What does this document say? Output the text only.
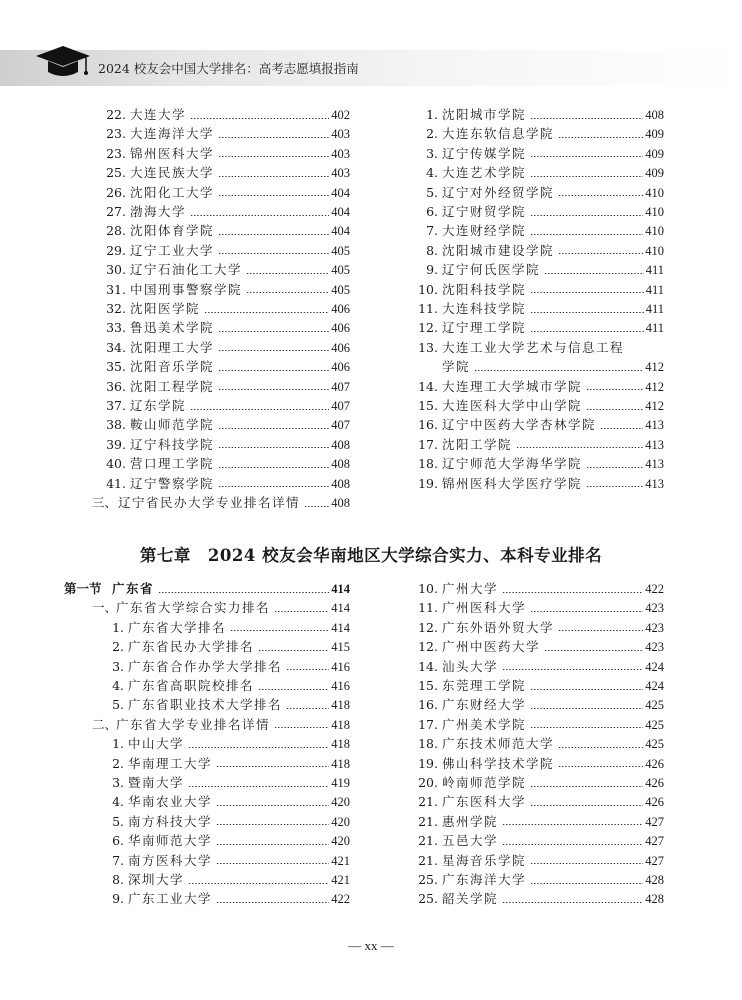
2024 校友会中国大学排名：高考志愿填报指南
22. 大连大学	402
23. 大连海洋大学	403
23. 锦州医科大学	403
25. 大连民族大学	403
26. 沈阳化工大学	404
27. 渤海大学	404
28. 沈阳体育学院	404
29. 辽宁工业大学	405
30. 辽宁石油化工大学	405
31. 中国刑事警察学院	405
32. 沈阳医学院	406
33. 鲁迅美术学院	406
34. 沈阳理工大学	406
35. 沈阳音乐学院	406
36. 沈阳工程学院	407
37. 辽东学院	407
38. 鞍山师范学院	407
39. 辽宁科技学院	408
40. 营口理工学院	408
41. 辽宁警察学院	408
三、 辽宁省民办大学专业排名详情 408
1. 沈阳城市学院	408
2. 大连东软信息学院	409
3. 辽宁传媒学院	409
4. 大连艺术学院	409
5. 辽宁对外经贸学院	410
6. 辽宁财贸学院	410
7. 大连财经学院	410
8. 沈阳城市建设学院	410
9. 辽宁何氏医学院	411
10. 沈阳科技学院	411
11. 大连科技学院	411
12. 辽宁理工学院	411
13. 大连工业大学艺术与信息工程
学院	412
14. 大连理工大学城市学院	412
15. 大连医科大学中山学院	412
16. 辽宁中医药大学杏林学院	413
17. 沈阳工学院	413
18. 辽宁师范大学海华学院	413
19. 锦州医科大学医疗学院	413
第七章　2024 校友会华南地区大学综合实力、本科专业排名
第一节 广东省	414
一、
广东省大学综合实力排名	414
1. 广东省大学排名	414
2. 广东省民办大学排名	415
3. 广东省合作办学大学排名	416
4. 广东省高职院校排名	416
5. 广东省职业技术大学排名	418
二、
广东省大学专业排名详情	418
1. 中山大学	418
2. 华南理工大学	418
3. 暨南大学	419
4. 华南农业大学	420
5. 南方科技大学	420
6. 华南师范大学	420
7. 南方医科大学	421
8. 深圳大学	421
9. 广东工业大学	422
10. 广州大学	422
11. 广州医科大学	423
12. 广东外语外贸大学	423
12. 广州中医药大学	423
14. 汕头大学	424
15. 东莞理工学院	424
16. 广东财经大学	425
17. 广州美术学院	425
18. 广东技术师范大学	425
19. 佛山科学技术学院	426
20. 岭南师范学院	426
21. 广东医科大学	426
21. 惠州学院	427
21. 五邑大学	427
21. 星海音乐学院	427
25. 广东海洋大学	428
25. 韶关学院	428
— xx —
